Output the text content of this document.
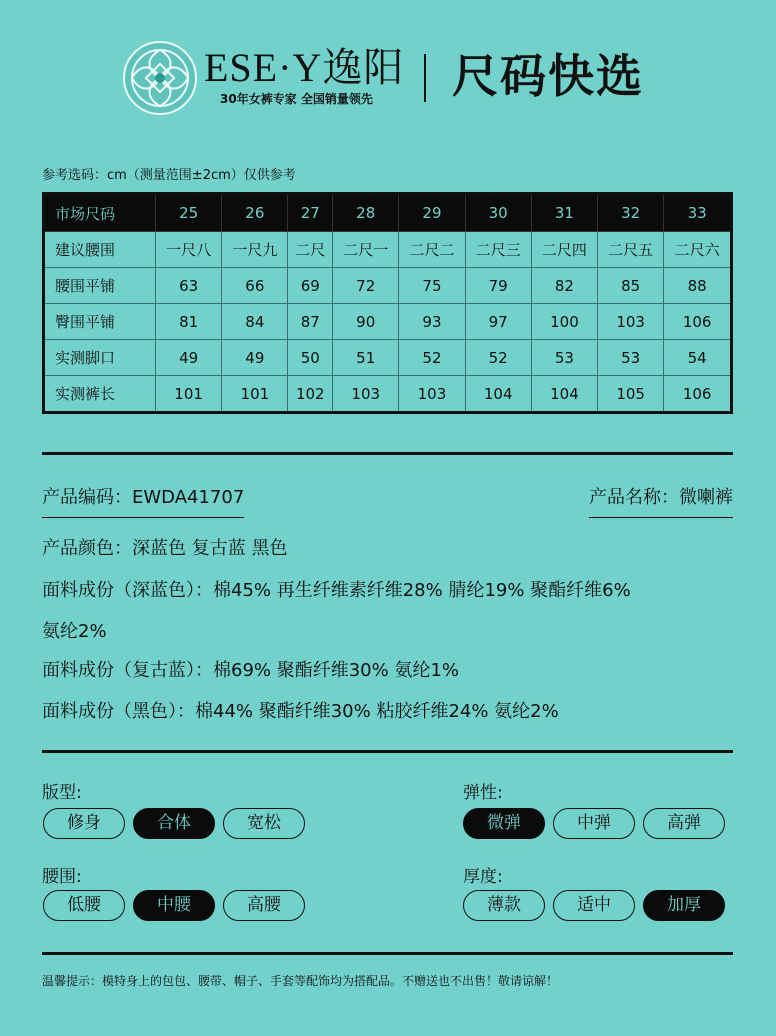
ESE·Y逸阳
30年女裤专家 全国销量领先 尺码快选
参考选码：cm（测量范围±2cm）仅供参考
市场尺码	25	26	27	28	29	30	31	32	33
建议腰围	一尺八	一尺九	二尺	二尺一	二尺二	二尺三	二尺四	二尺五	二尺六
腰围平铺	63	66	69	72	75	79	82	85	88
臀围平铺	81	84	87	90	93	97	100	103	106
实测脚口	49	49	50	51	52	52	53	53	54
实测裤长	101	101	102	103	103	104	104	105	106
产品编码：EWDA41707	产品名称：微喇裤
产品颜色：深蓝色 复古蓝 黑色
面料成份（深蓝色）：棉45% 再生纤维素纤维28% 腈纶19% 聚酯纤维6%
氨纶2%
面料成份（复古蓝）：棉69% 聚酯纤维30% 氨纶1%
面料成份（黑色）：棉44% 聚酯纤维30% 粘胶纤维24% 氨纶2%
版型:
修身	合体	宽松
弹性:
微弹	中弹	高弹
腰围:
低腰	中腰	高腰
厚度:
薄款	适中	加厚
温馨提示：模特身上的包包、腰带、帽子、手套等配饰均为搭配品。不赠送也不出售！敬请谅解！
